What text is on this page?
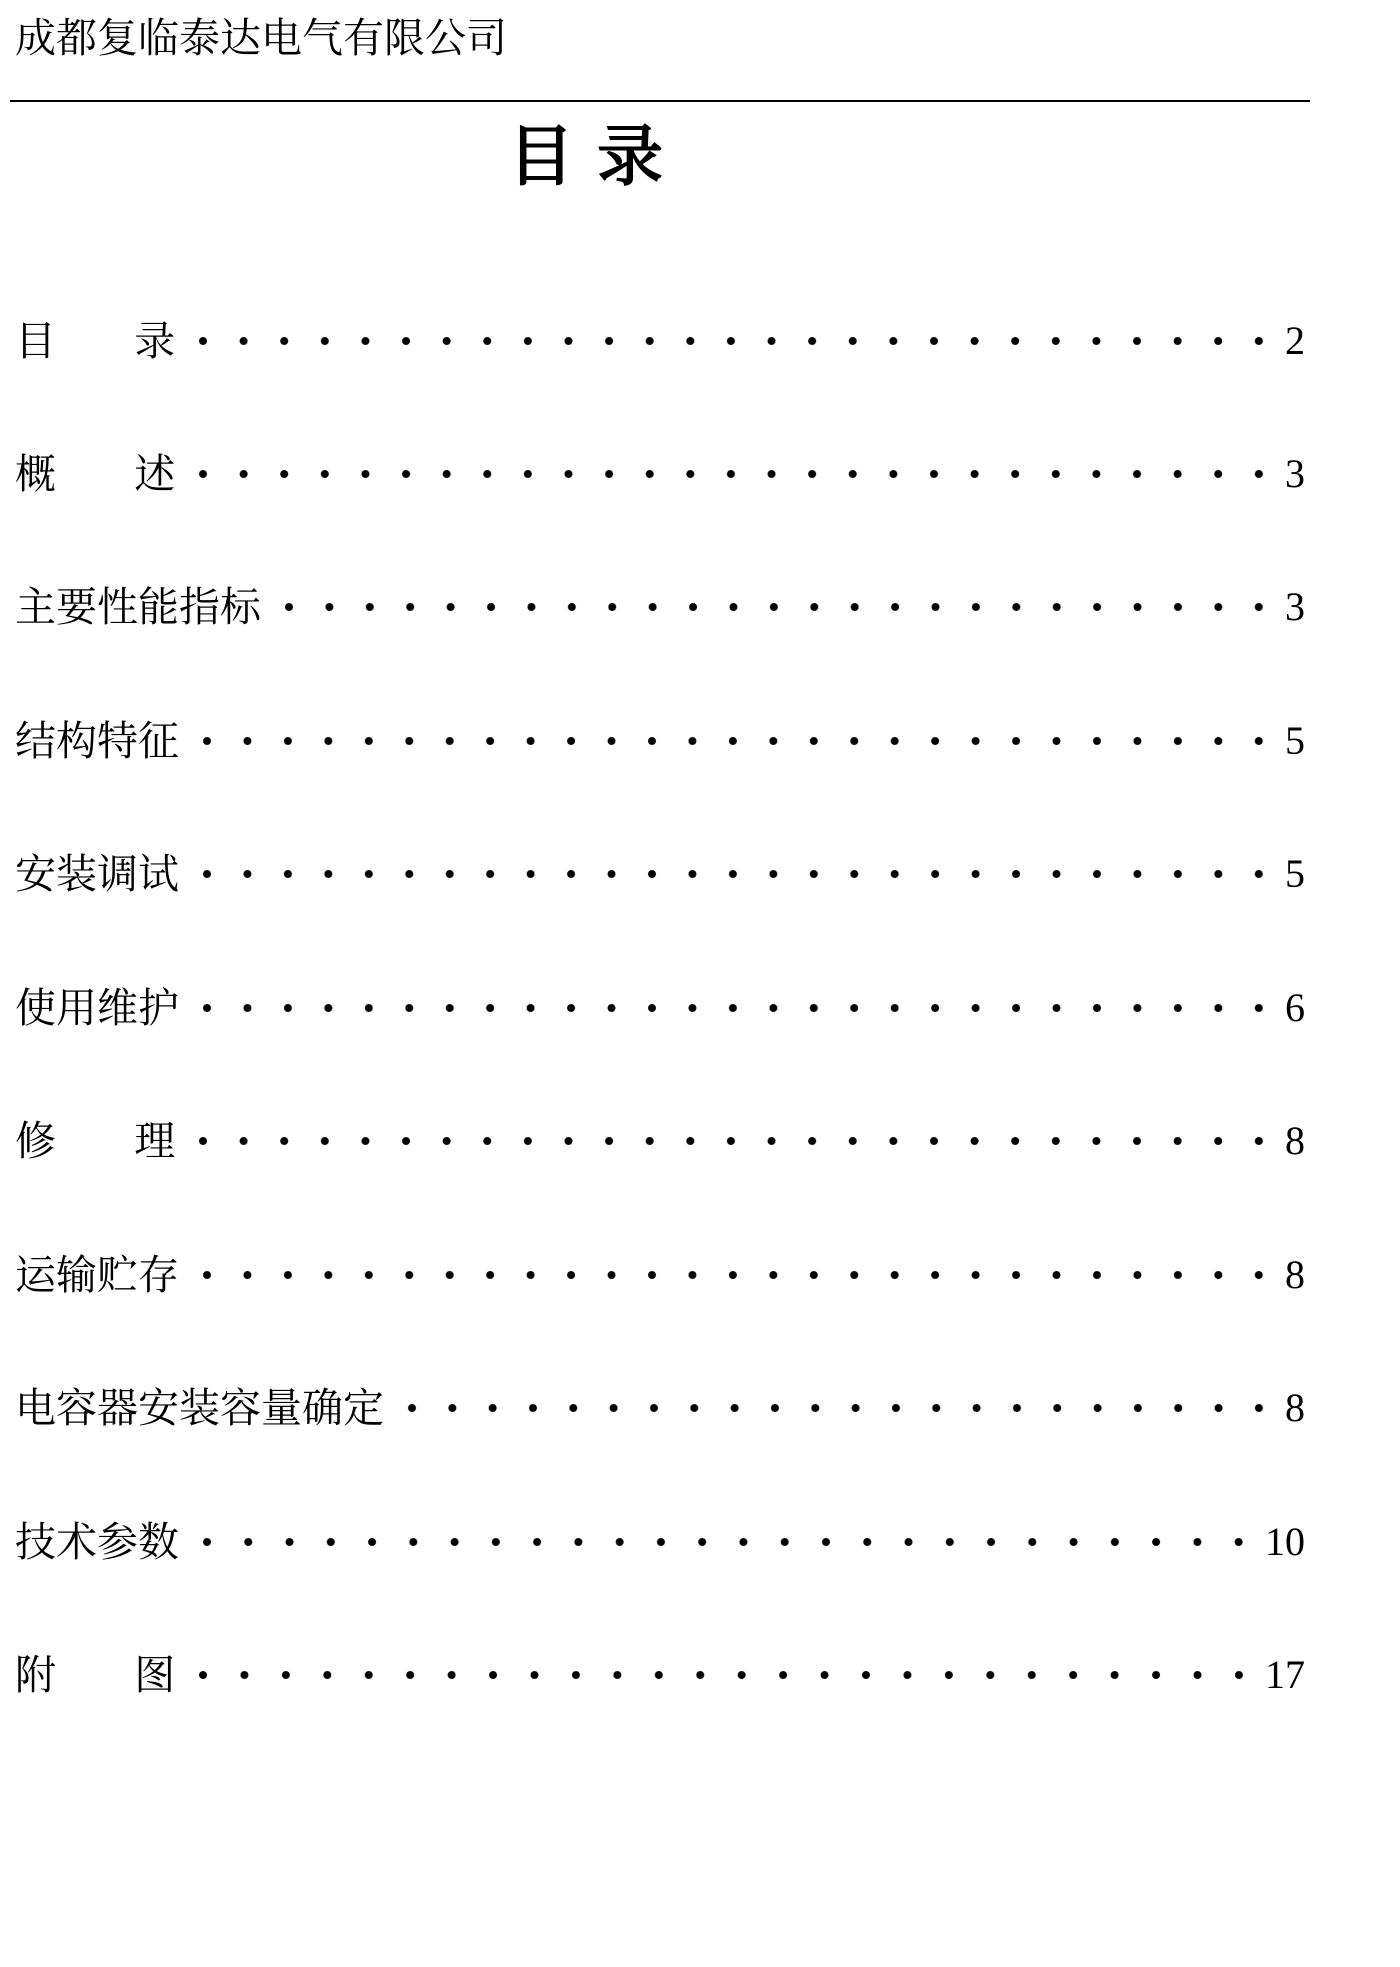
成都复临泰达电气有限公司
目 录
目      录	2
概      述	3
主要性能指标	3
结构特征	5
安装调试	5
使用维护	6
修      理	8
运输贮存	8
电容器安装容量确定	8
技术参数	10
附      图	17
